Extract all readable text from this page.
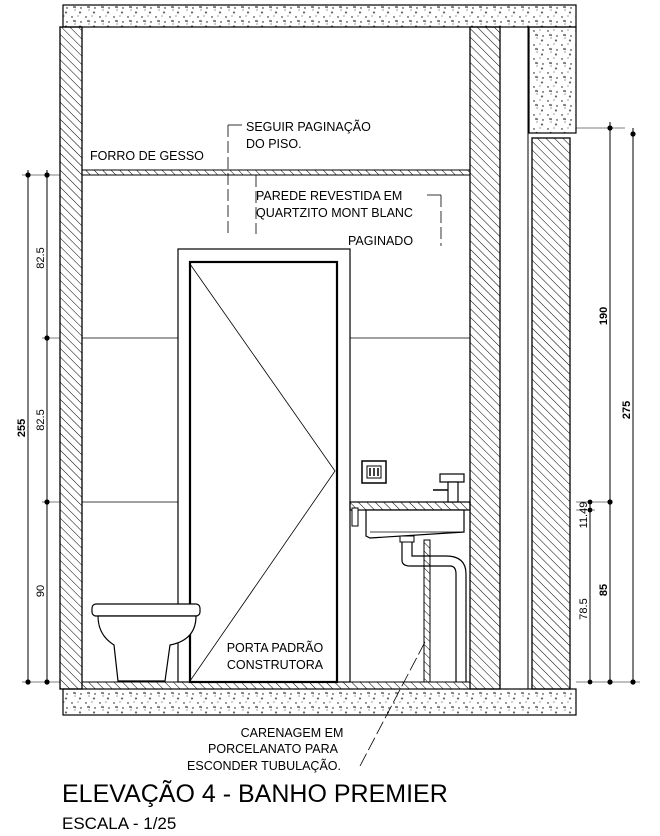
82.5
82.5
90
255
11.49
78.5
190
85
275
FORRO DE GESSO
SEGUIR PAGINAÇÃO
DO PISO.
PAREDE REVESTIDA EM
QUARTZITO MONT BLANC
PAGINADO
PORTA PADRÃO
CONSTRUTORA
CARENAGEM EM
PORCELANATO PARA
ESCONDER TUBULAÇÃO.
ELEVAÇÃO 4 - BANHO PREMIER
ESCALA - 1/25
